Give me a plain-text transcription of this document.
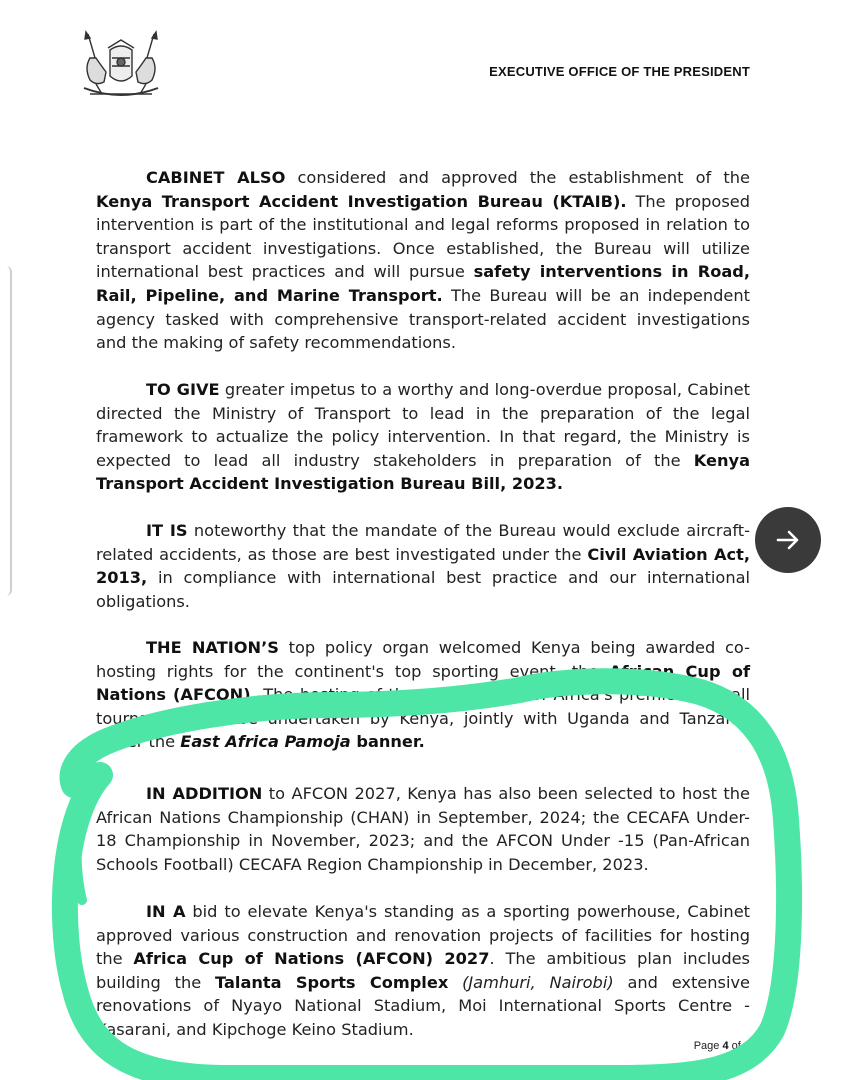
EXECUTIVE OFFICE OF THE PRESIDENT

CABINET ALSO considered and approved the establishment of the Kenya Transport Accident Investigation Bureau (KTAIB). The proposed intervention is part of the institutional and legal reforms proposed in relation to transport accident investigations. Once established, the Bureau will utilize international best practices and will pursue safety interventions in Road, Rail, Pipeline, and Marine Transport. The Bureau will be an independent agency tasked with comprehensive transport-related accident investigations and the making of safety recommendations.

TO GIVE greater impetus to a worthy and long-overdue proposal, Cabinet directed the Ministry of Transport to lead in the preparation of the legal framework to actualize the policy intervention. In that regard, the Ministry is expected to lead all industry stakeholders in preparation of the Kenya Transport Accident Investigation Bureau Bill, 2023.

IT IS noteworthy that the mandate of the Bureau would exclude aircraft-related accidents, as those are best investigated under the Civil Aviation Act, 2013, in compliance with international best practice and our international obligations.

THE NATION’S top policy organ welcomed Kenya being awarded co-hosting rights for the continent's top sporting event, the African Cup of Nations (AFCON). The hosting of the 2027 edition of Africa's premier football tournament will be undertaken by Kenya, jointly with Uganda and Tanzania under the East Africa Pamoja banner.

IN ADDITION to AFCON 2027, Kenya has also been selected to host the African Nations Championship (CHAN) in September, 2024; the CECAFA Under-18 Championship in November, 2023; and the AFCON Under -15 (Pan-African Schools Football) CECAFA Region Championship in December, 2023.

IN A bid to elevate Kenya's standing as a sporting powerhouse, Cabinet approved various construction and renovation projects of facilities for hosting the Africa Cup of Nations (AFCON) 2027. The ambitious plan includes building the Talanta Sports Complex (Jamhuri, Nairobi) and extensive renovations of Nyayo National Stadium, Moi International Sports Centre - Kasarani, and Kipchoge Keino Stadium.

Page 4 of 6
